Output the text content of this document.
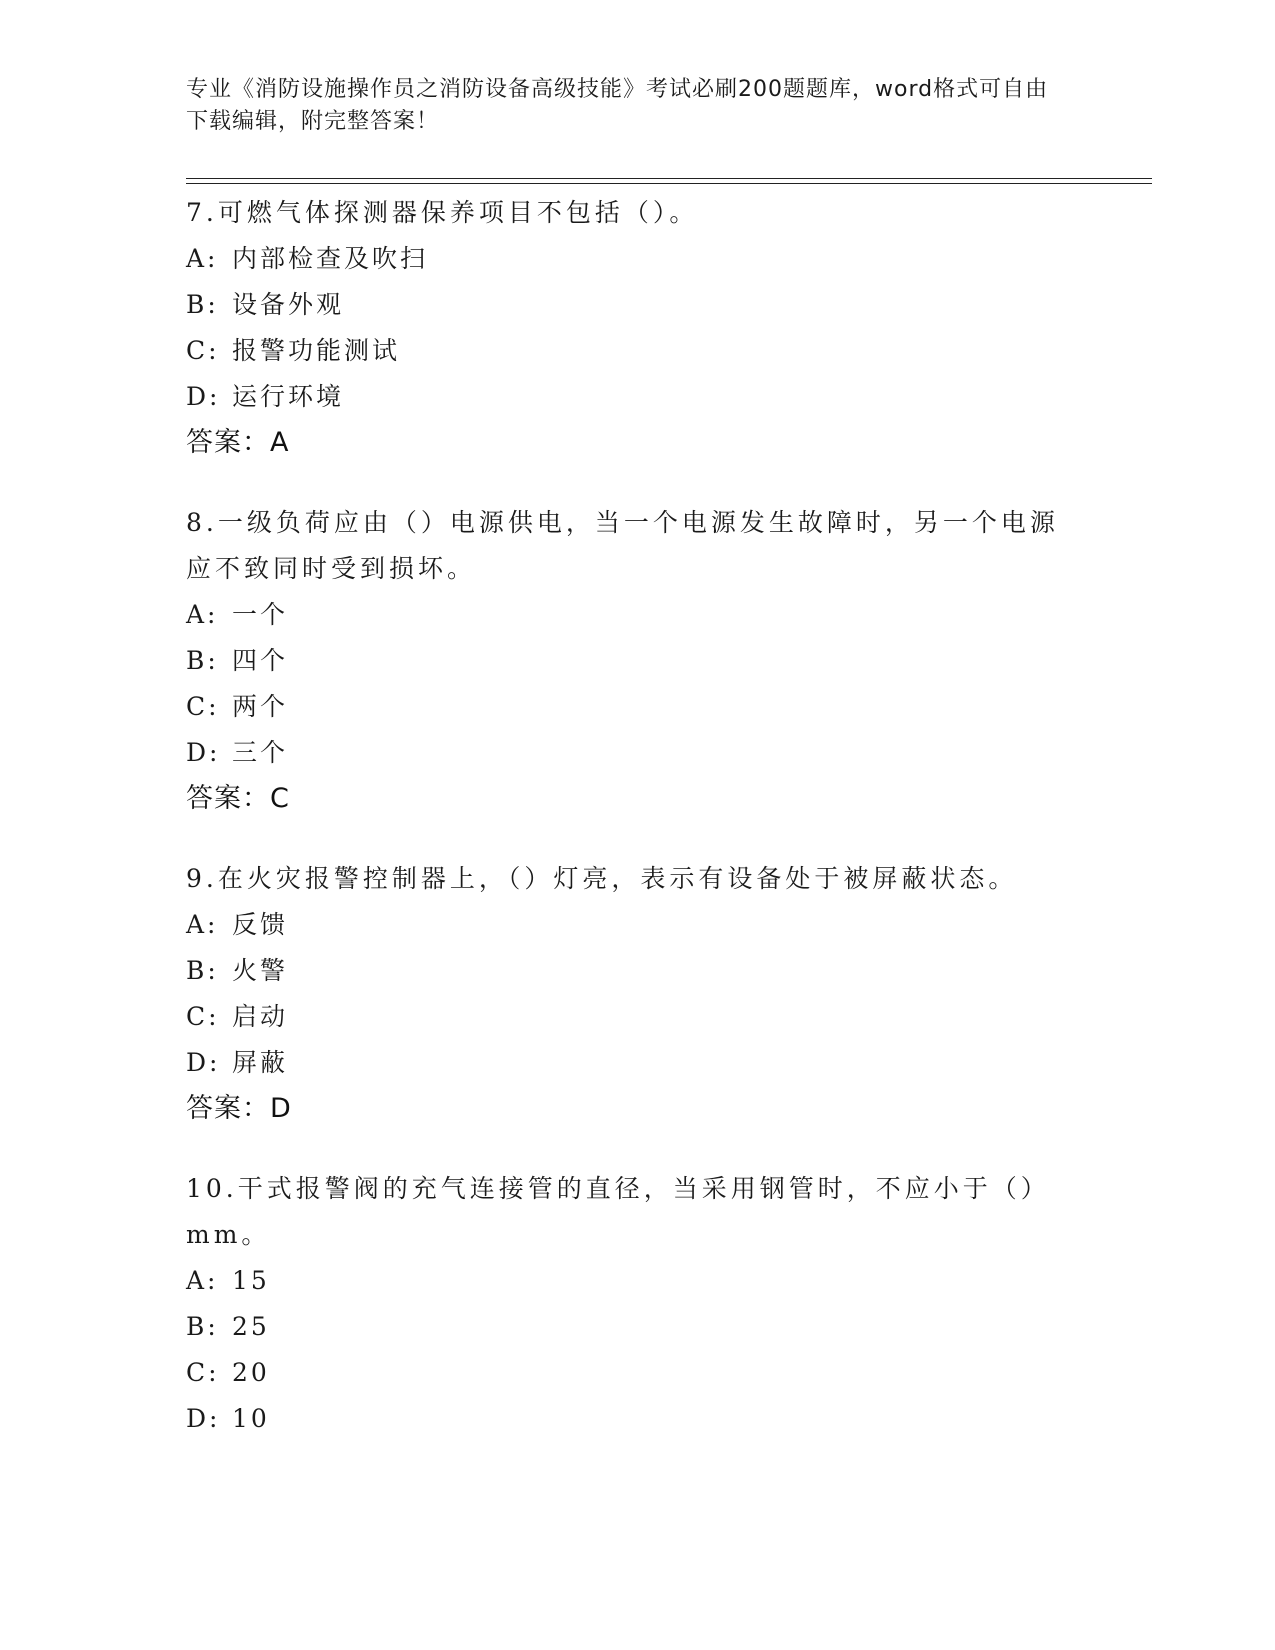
专业《消防设施操作员之消防设备高级技能》考试必刷200题题库，word格式可自由下载编辑，附完整答案！

7.可燃气体探测器保养项目不包括（）。

A: 内部检查及吹扫
B: 设备外观
C: 报警功能测试
D: 运行环境
答案：A

8.一级负荷应由（）电源供电，当一个电源发生故障时，另一个电源应不致同时受到损坏。

A: 一个
B: 四个
C: 两个
D: 三个
答案：C

9.在火灾报警控制器上，（）灯亮，表示有设备处于被屏蔽状态。

A: 反馈
B: 火警
C: 启动
D: 屏蔽
答案：D

10.干式报警阀的充气连接管的直径，当采用钢管时，不应小于（）mm。

A: 15
B: 25
C: 20
D: 10
